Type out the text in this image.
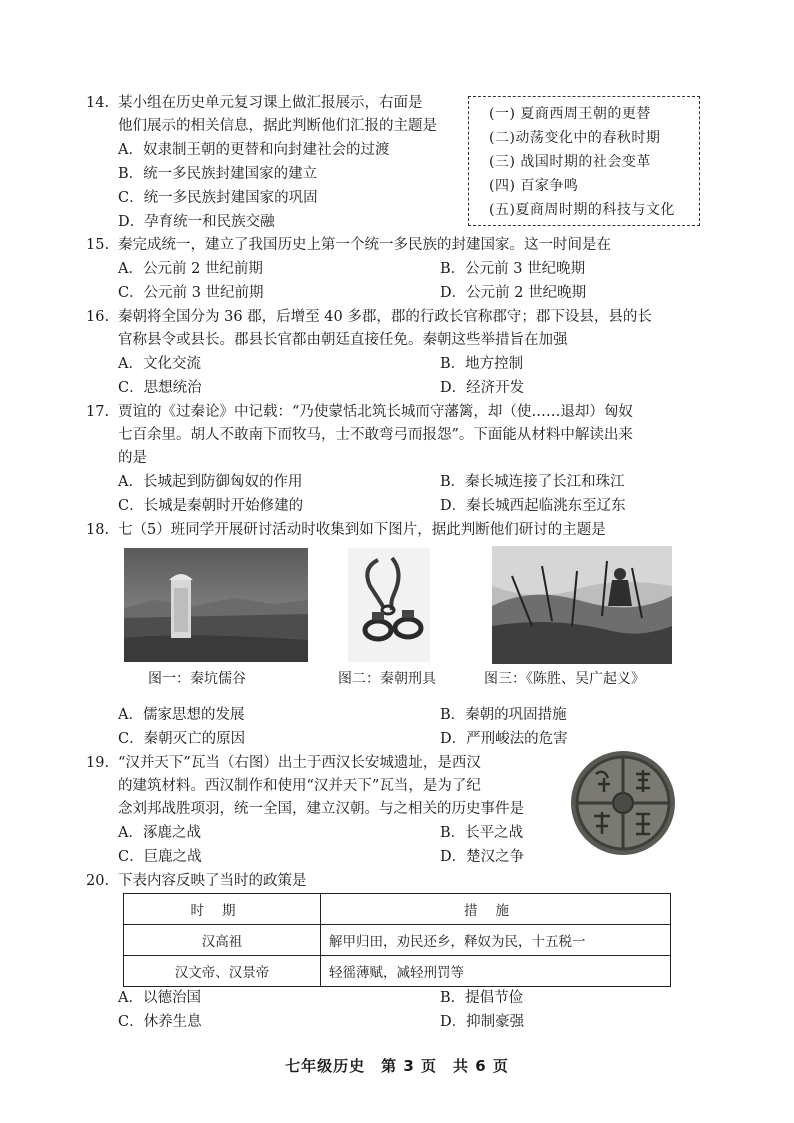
14. 某小组在历史单元复习课上做汇报展示，右面是
他们展示的相关信息，据此判断他们汇报的主题是
A．奴隶制王朝的更替和向封建社会的过渡
B．统一多民族封建国家的建立
C．统一多民族封建国家的巩固
D．孕育统一和民族交融
(一) 夏商西周王朝的更替
(二)动荡变化中的春秋时期
(三) 战国时期的社会变革
(四) 百家争鸣
(五)夏商周时期的科技与文化
15. 秦完成统一，建立了我国历史上第一个统一多民族的封建国家。这一时间是在
A．公元前 2 世纪前期	B．公元前 3 世纪晚期
C．公元前 3 世纪前期	D．公元前 2 世纪晚期
16. 秦朝将全国分为 36 郡，后增至 40 多郡，郡的行政长官称郡守；郡下设县，县的长
官称县令或县长。郡县长官都由朝廷直接任免。秦朝这些举措旨在加强
A．文化交流	B．地方控制
C．思想统治	D．经济开发
17. 贾谊的《过秦论》中记载：“乃使蒙恬北筑长城而守藩篱，却（使……退却）匈奴
七百余里。胡人不敢南下而牧马，士不敢弯弓而报怨”。下面能从材料中解读出来
的是
A．长城起到防御匈奴的作用	B．秦长城连接了长江和珠江
C．长城是秦朝时开始修建的	D．秦长城西起临洮东至辽东
18. 七（5）班同学开展研讨活动时收集到如下图片，据此判断他们研讨的主题是
图一：秦坑儒谷	图二：秦朝刑具	图三：《陈胜、吴广起义》
A．儒家思想的发展	B．秦朝的巩固措施
C．秦朝灭亡的原因	D．严刑峻法的危害
19. “汉并天下”瓦当（右图）出土于西汉长安城遗址，是西汉
的建筑材料。西汉制作和使用“汉并天下”瓦当，是为了纪
念刘邦战胜项羽，统一全国，建立汉朝。与之相关的历史事件是
A．涿鹿之战	B．长平之战
C．巨鹿之战	D．楚汉之争
20. 下表内容反映了当时的政策是
时期	措施
汉高祖	解甲归田，劝民还乡，释奴为民，十五税一
汉文帝、汉景帝	轻徭薄赋，减轻刑罚等
A．以德治国	B．提倡节俭
C．休养生息	D．抑制豪强
七年级历史　第 3 页　共 6 页
